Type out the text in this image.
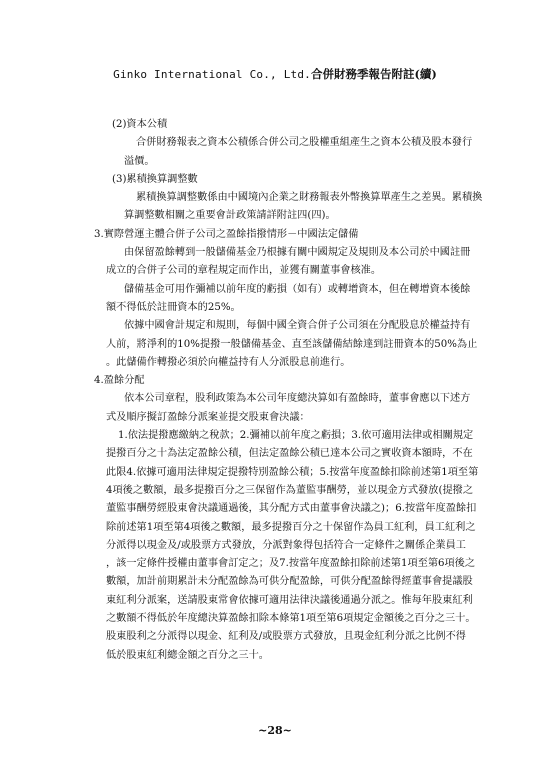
Ginko International Co., Ltd.合併財務季報告附註(續)
(2)資本公積
合併財務報表之資本公積係合併公司之股權重組產生之資本公積及股本發行
溢價。
(3)累積換算調整數
累積換算調整數係由中國境內企業之財務報表外幣換算單產生之差異。累積換
算調整數相關之重要會計政策請詳附註四(四)。
3.實際營運主體合併子公司之盈餘指撥情形－中國法定儲備
由保留盈餘轉到一般儲備基金乃根據有關中國規定及規則及本公司於中國註冊
成立的合併子公司的章程規定而作出，並獲有關董事會核准。
儲備基金可用作彌補以前年度的虧損（如有）或轉增資本，但在轉增資本後餘
額不得低於註冊資本的25%。
依據中國會計規定和規則，每個中國全資合併子公司須在分配股息於權益持有
人前，將淨利的10%提撥一般儲備基金、直至該儲備結餘達到註冊資本的50%為止
。此儲備作轉撥必須於向權益持有人分派股息前進行。
4.盈餘分配
依本公司章程，股利政策為本公司年度總決算如有盈餘時，董事會應以下述方
式及順序擬訂盈餘分派案並提交股東會決議：
1.依法提撥應繳納之稅款；2.彌補以前年度之虧損；3.依可適用法律或相關規定
提撥百分之十為法定盈餘公積，但法定盈餘公積已達本公司之實收資本額時，不在
此限4.依據可適用法律規定提撥特別盈餘公積；5.按當年度盈餘扣除前述第1項至第
4項後之數額，最多提撥百分之三保留作為董監事酬勞，並以現金方式發放(提撥之
董監事酬勞經股東會決議通過後，其分配方式由董事會決議之)；6.按當年度盈餘扣
除前述第1項至第4項後之數額，最多提撥百分之十保留作為員工紅利，員工紅利之
分派得以現金及/或股票方式發放，分派對象得包括符合一定條件之關係企業員工
，該一定條件授權由董事會訂定之；及7.按當年度盈餘扣除前述第1項至第6項後之
數額，加計前期累計未分配盈餘為可供分配盈餘，可供分配盈餘得經董事會提議股
東紅利分派案，送請股東常會依據可適用法律決議後通過分派之。惟每年股東紅利
之數額不得低於年度總決算盈餘扣除本條第1項至第6項規定金額後之百分之三十。
股東股利之分派得以現金、紅利及/或股票方式發放，且現金紅利分派之比例不得
低於股東紅利總金額之百分之三十。
~28~
